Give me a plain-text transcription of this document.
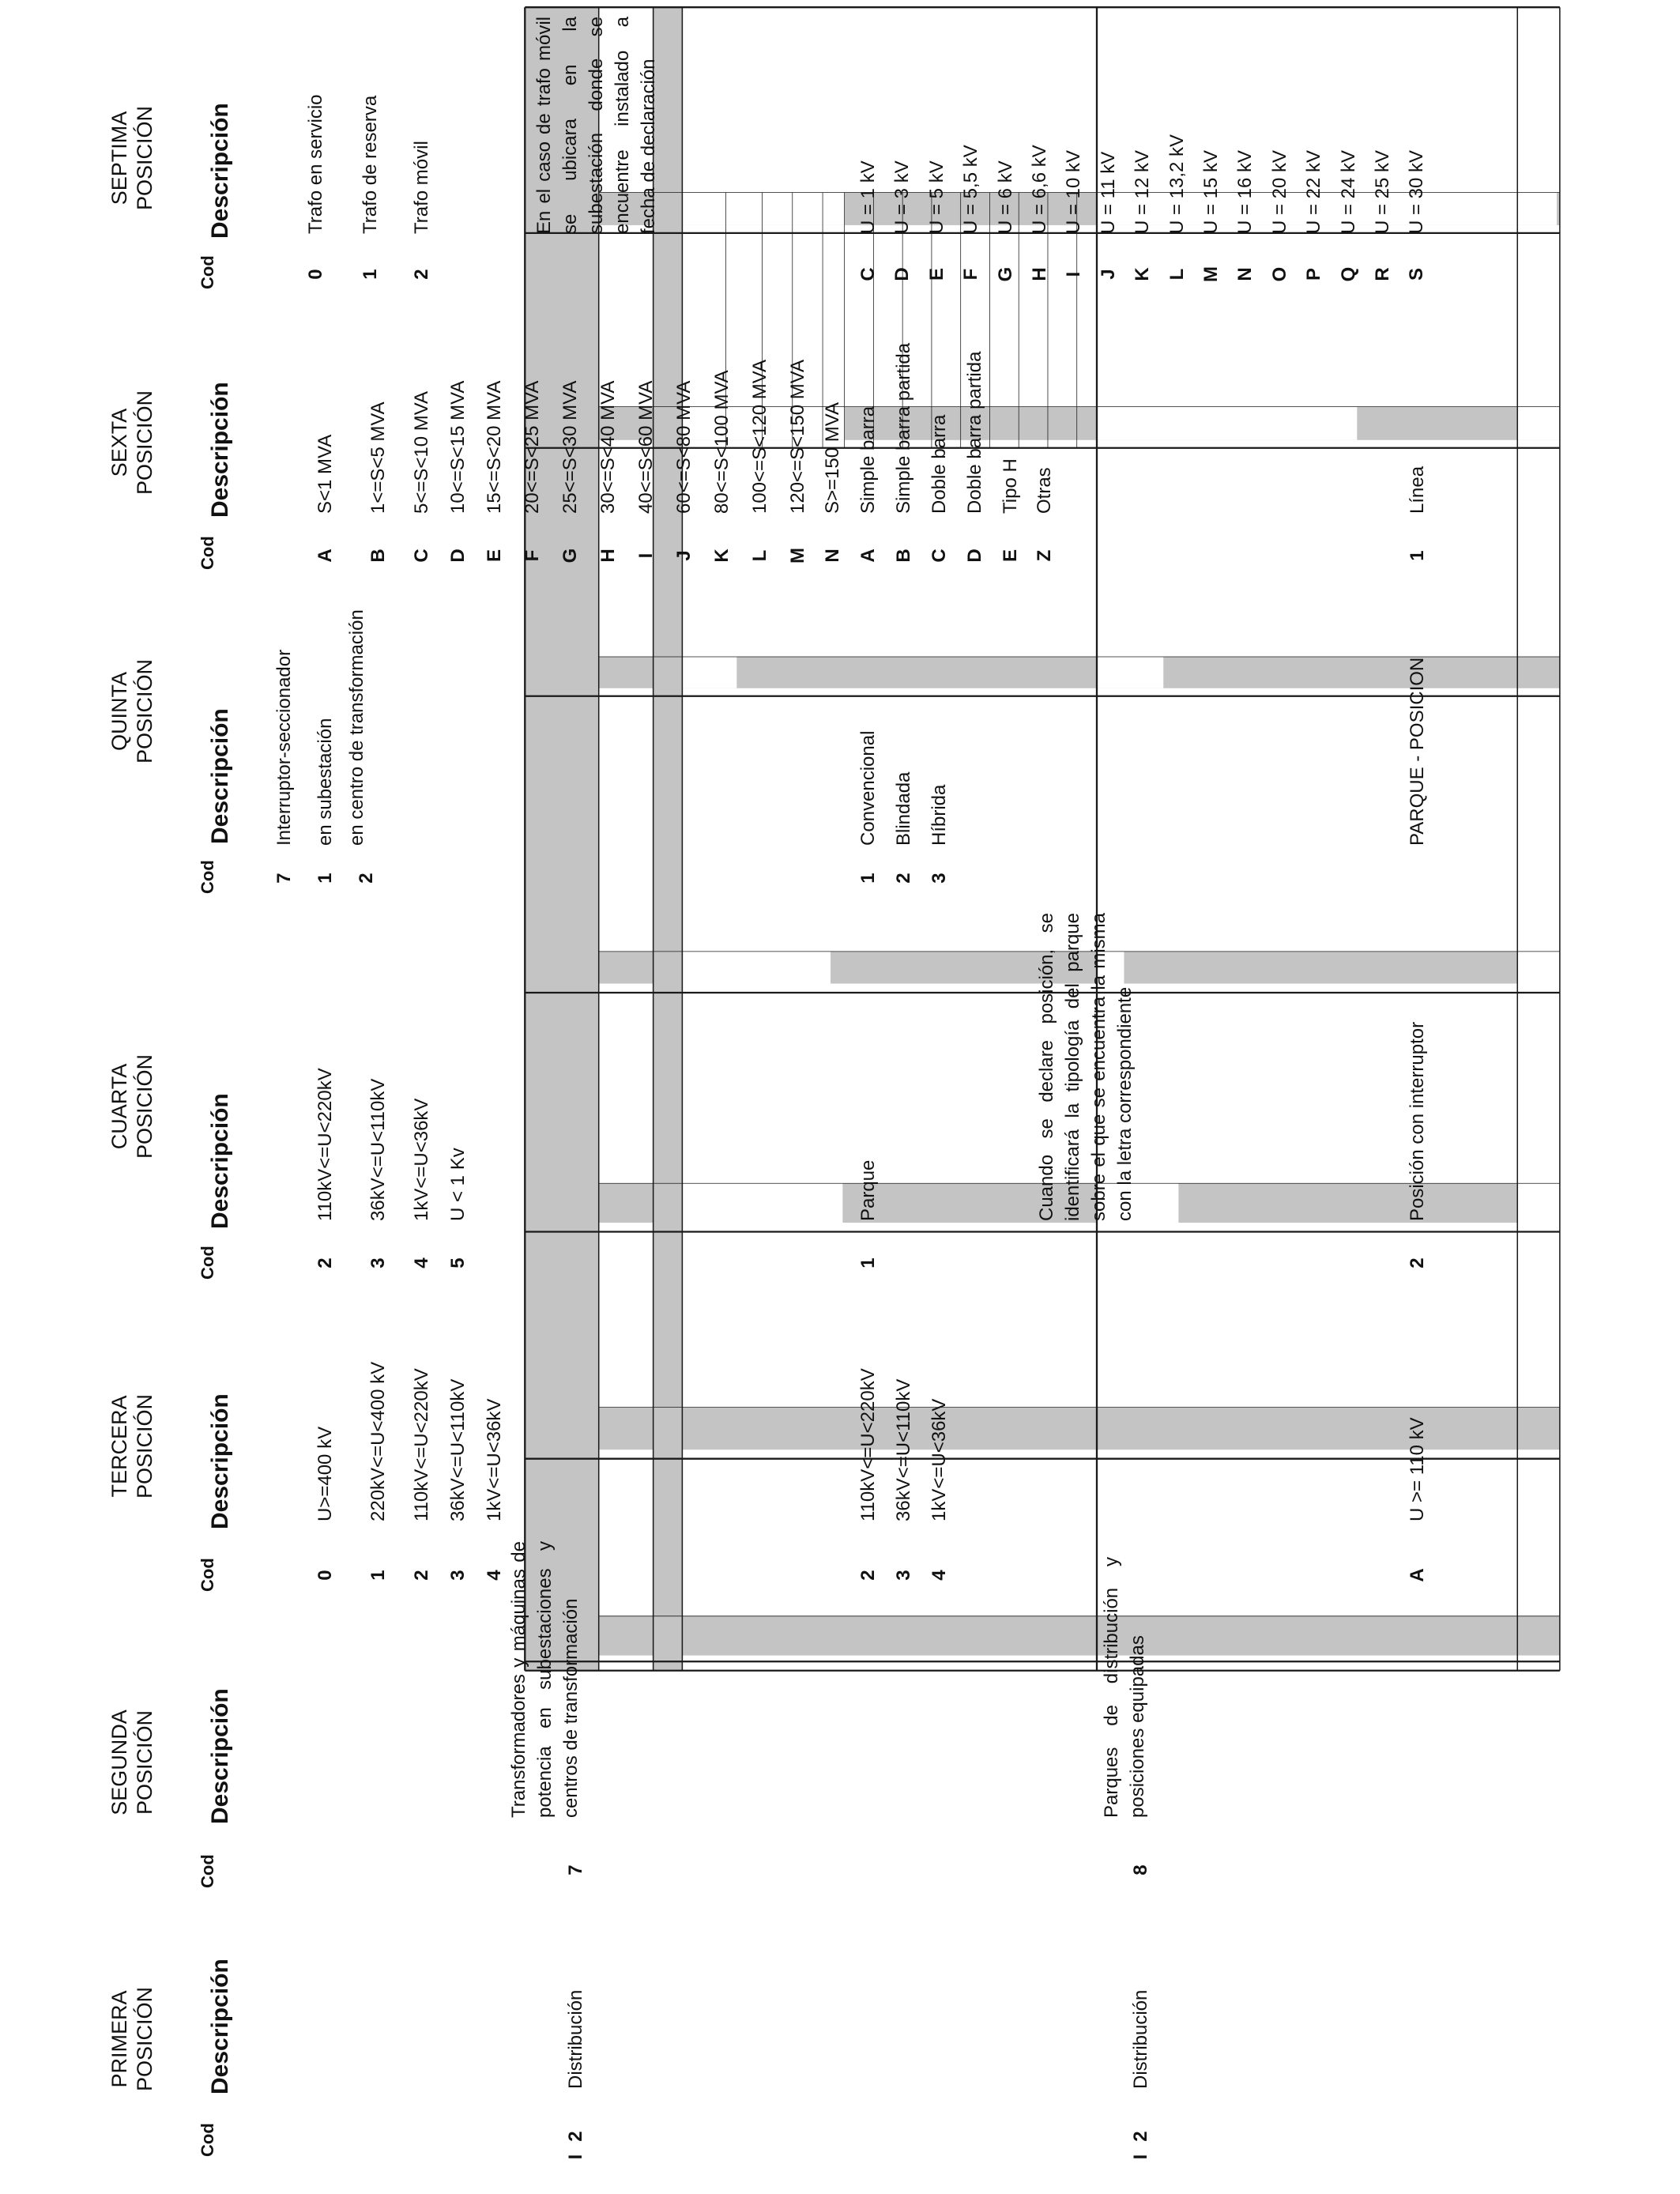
SEPTIMA
POSICIÓN
SEXTA
POSICIÓN
QUINTA
POSICIÓN
CUARTA
POSICIÓN
TERCERA
POSICIÓN
SEGUNDA
POSICIÓN
PRIMERA
POSICIÓN
Descripción
Cod
Descripción
Cod
Descripción
Cod
Descripción
Cod
Descripción
Cod
Descripción
Cod
Descripción
Cod
I
2
Distribución
7
Transformadores y máquinas de potencia en subestaciones y centros de transformación
0
U>=400 kV
1
220kV<=U<400 kV
2
110kV<=U<220kV
3
36kV<=U<110kV
4
1kV<=U<36kV
2
110kV<=U<220kV
3
36kV<=U<110kV
4
1kV<=U<36kV
5
U < 1 Kv
7
Interruptor-seccionador
1
en subestación
2
en centro de transformación
A
S<1 MVA
B
1<=S<5 MVA
C
5<=S<10 MVA
D
10<=S<15 MVA
E
15<=S<20 MVA
F
20<=S<25 MVA
G
25<=S<30 MVA
H
30<=S<40 MVA
I
40<=S<60 MVA
J
60<=S<80 MVA
K
80<=S<100 MVA
L
100<=S<120 MVA
M
120<=S<150 MVA
N
S>=150 MVA
0
Trafo en servicio
1
Trafo de reserva
2
Trafo móvil	En el caso de trafo móvil se ubicara en la subestación donde se encuentre instalado a fecha de declaración
I
2
Distribución
8
Parques de distribución y posiciones equipadas
2
110kV<=U<220kV
3
36kV<=U<110kV
4
1kV<=U<36kV
1
Parque	Cuando se declare posición, se identificará la tipología del parque sobre el que se encuentra la misma con la letra correspondiente
1
Convencional
2
Blindada
3
Híbrida
A
Simple barra
B
Simple barra partida
C
Doble barra
D
Doble barra partida
E
Tipo H
Z
Otras
C
U = 1 kV
D
U = 3 kV
E
U = 5 kV
F
U = 5,5 kV
G
U = 6 kV
H
U = 6,6 kV
I
U = 10 kV
J
U = 11 kV
K
U = 12 kV
L
U = 13,2 kV
M
U = 15 kV
N
U = 16 kV
O
U = 20 kV
P
U = 22 kV
Q
U = 24 kV
R
U = 25 kV
S
U = 30 kV
A
U >= 110 kV
2
Posición con interruptor
PARQUE - POSICION
1
Línea
